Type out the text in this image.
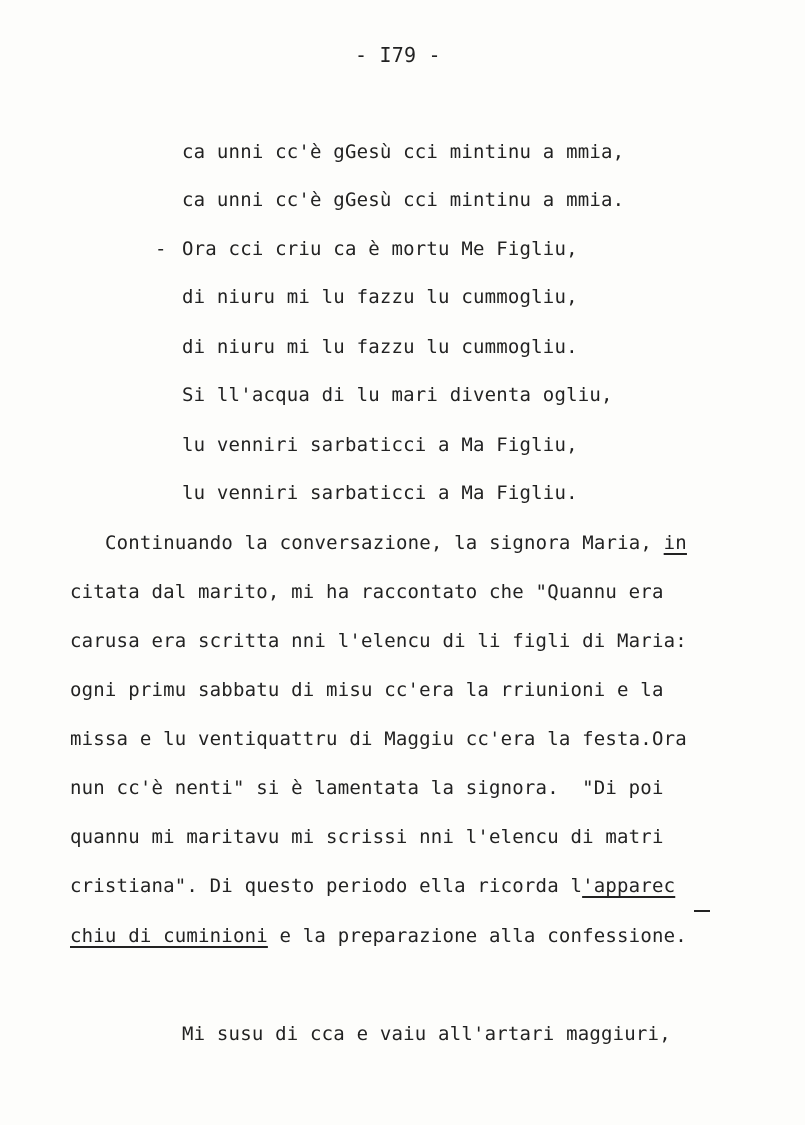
- I79 -
ca unni cc'è gGesù cci mintinu a mmia,
ca unni cc'è gGesù cci mintinu a mmia.
- Ora cci criu ca è mortu Me Figliu,
di niuru mi lu fazzu lu cummogliu,
di niuru mi lu fazzu lu cummogliu.
Si ll'acqua di lu mari diventa ogliu,
lu venniri sarbaticci a Ma Figliu,
lu venniri sarbaticci a Ma Figliu.
Continuando la conversazione, la signora Maria, in
citata dal marito, mi ha raccontato che "Quannu era
carusa era scritta nni l'elencu di li figli di Maria:
ogni primu sabbatu di misu cc'era la rriunioni e la
missa e lu ventiquattru di Maggiu cc'era la festa.Ora
nun cc'è nenti" si è lamentata la signora.  "Di poi
quannu mi maritavu mi scrissi nni l'elencu di matri
cristiana". Di questo periodo ella ricorda l'apparec
chiu di cuminioni e la preparazione alla confessione.
Mi susu di cca e vaiu all'artari maggiuri,
